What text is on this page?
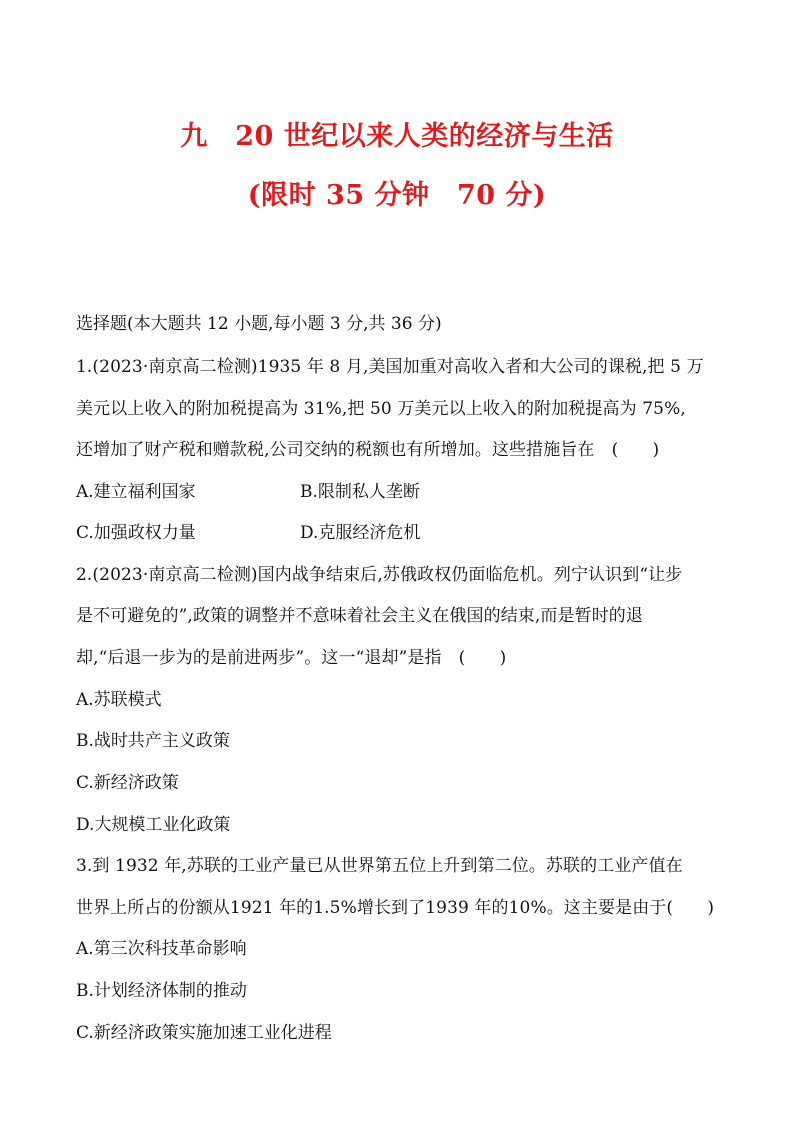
九　20 世纪以来人类的经济与生活
(限时 35 分钟　70 分)
选择题(本大题共 12 小题,每小题 3 分,共 36 分)
1.(2023·南京高二检测)1935 年 8 月,美国加重对高收入者和大公司的课税,把 5 万
美元以上收入的附加税提高为 31%,把 50 万美元以上收入的附加税提高为 75%,
还增加了财产税和赠款税,公司交纳的税额也有所增加。这些措施旨在　(　　)
A.建立福利国家	B.限制私人垄断
C.加强政权力量	D.克服经济危机
2.(2023·南京高二检测)国内战争结束后,苏俄政权仍面临危机。列宁认识到“让步
是不可避免的”,政策的调整并不意味着社会主义在俄国的结束,而是暂时的退
却,“后退一步为的是前进两步”。这一“退却”是指　(　　)
A.苏联模式
B.战时共产主义政策
C.新经济政策
D.大规模工业化政策
3.到 1932 年,苏联的工业产量已从世界第五位上升到第二位。苏联的工业产值在
世界上所占的份额从1921 年的1.5%增长到了1939 年的10%。这主要是由于(　　)
A.第三次科技革命影响
B.计划经济体制的推动
C.新经济政策实施加速工业化进程
